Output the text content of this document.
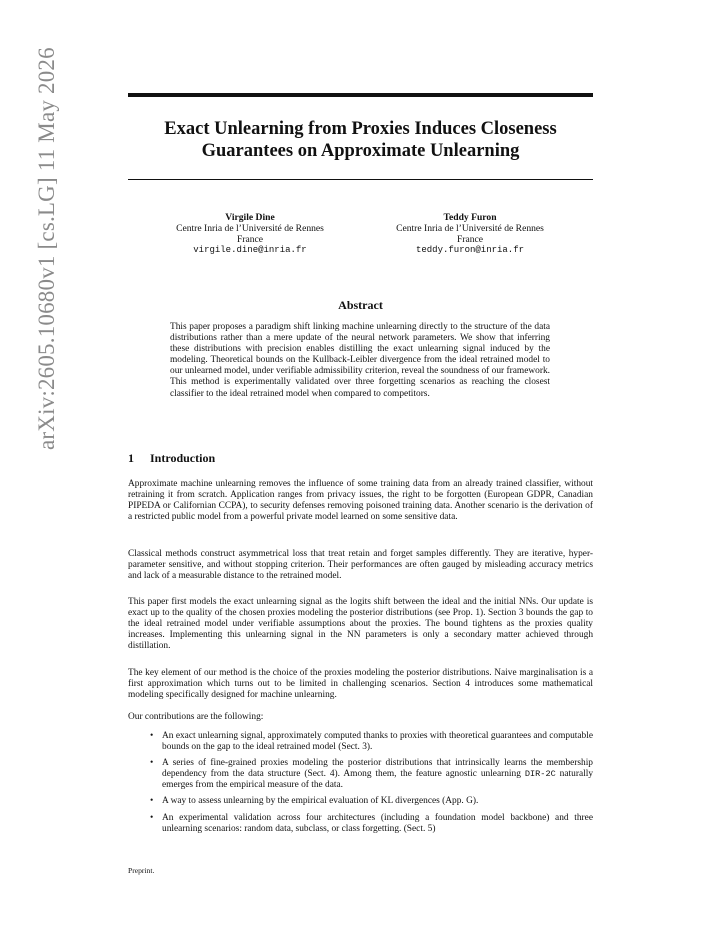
arXiv:2605.10680v1 [cs.LG] 11 May 2026	Exact Unlearning from Proxies Induces Closeness Guarantees on Approximate Unlearning
Virgile Dine
Centre Inria de l’Université de Rennes
France
virgile.dine@inria.fr
Teddy Furon
Centre Inria de l’Université de Rennes
France
teddy.furon@inria.fr
Abstract
This paper proposes a paradigm shift linking machine unlearning directly to the structure of the data distributions rather than a mere update of the neural network parameters. We show that inferring these distributions with precision enables distilling the exact unlearning signal induced by the modeling. Theoretical bounds on the Kullback-Leibler divergence from the ideal retrained model to our unlearned model, under verifiable admissibility criterion, reveal the soundness of our framework. This method is experimentally validated over three forgetting scenarios as reaching the closest classifier to the ideal retrained model when compared to competitors.
1 Introduction
Approximate machine unlearning removes the influence of some training data from an already trained classifier, without retraining it from scratch. Application ranges from privacy issues, the right to be forgotten (European GDPR, Canadian PIPEDA or Californian CCPA), to security defenses removing poisoned training data. Another scenario is the derivation of a restricted public model from a powerful private model learned on some sensitive data.
Classical methods construct asymmetrical loss that treat retain and forget samples differently. They are iterative, hyper-parameter sensitive, and without stopping criterion. Their performances are often gauged by misleading accuracy metrics and lack of a measurable distance to the retrained model.
This paper first models the exact unlearning signal as the logits shift between the ideal and the initial NNs. Our update is exact up to the quality of the chosen proxies modeling the posterior distributions (see Prop. 1). Section 3 bounds the gap to the ideal retrained model under verifiable assumptions about the proxies. The bound tightens as the proxies quality increases. Implementing this unlearning signal in the NN parameters is only a secondary matter achieved through distillation.
The key element of our method is the choice of the proxies modeling the posterior distributions. Naive marginalisation is a first approximation which turns out to be limited in challenging scenarios. Section 4 introduces some mathematical modeling specifically designed for machine unlearning.
Our contributions are the following:
• An exact unlearning signal, approximately computed thanks to proxies with theoretical guarantees and computable bounds on the gap to the ideal retrained model (Sect. 3).
• A series of fine-grained proxies modeling the posterior distributions that intrinsically learns the membership dependency from the data structure (Sect. 4). Among them, the feature agnostic unlearning DIR-2C naturally emerges from the empirical measure of the data.
• A way to assess unlearning by the empirical evaluation of KL divergences (App. G).
• An experimental validation across four architectures (including a foundation model backbone) and three unlearning scenarios: random data, subclass, or class forgetting. (Sect. 5)
Preprint.
